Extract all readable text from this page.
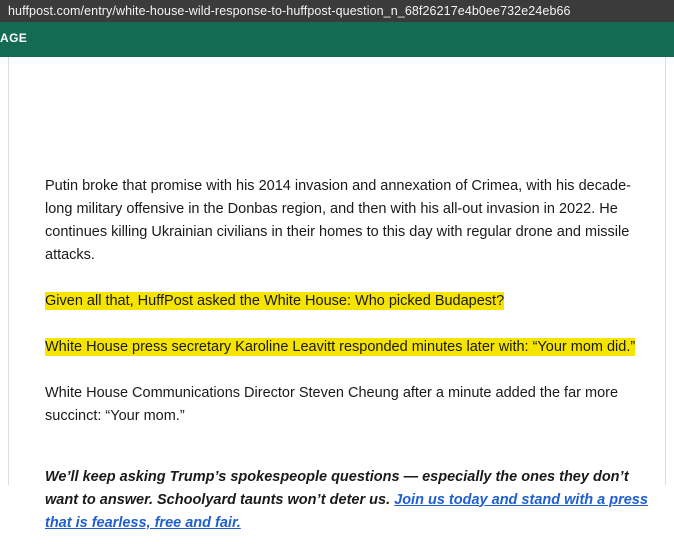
huffpost.com/entry/white-house-wild-response-to-huffpost-question_n_68f26217e4b0ee732e24eb66
AGE

Putin broke that promise with his 2014 invasion and annexation of Crimea, with his decade-long military offensive in the Donbas region, and then with his all-out invasion in 2022. He continues killing Ukrainian civilians in their homes to this day with regular drone and missile attacks.

Given all that, HuffPost asked the White House: Who picked Budapest?

White House press secretary Karoline Leavitt responded minutes later with: “Your mom did.”

White House Communications Director Steven Cheung after a minute added the far more succinct: “Your mom.”

We’ll keep asking Trump’s spokespeople questions — especially the ones they don’t want to answer. Schoolyard taunts won’t deter us. Join us today and stand with a press that is fearless, free and fair.
